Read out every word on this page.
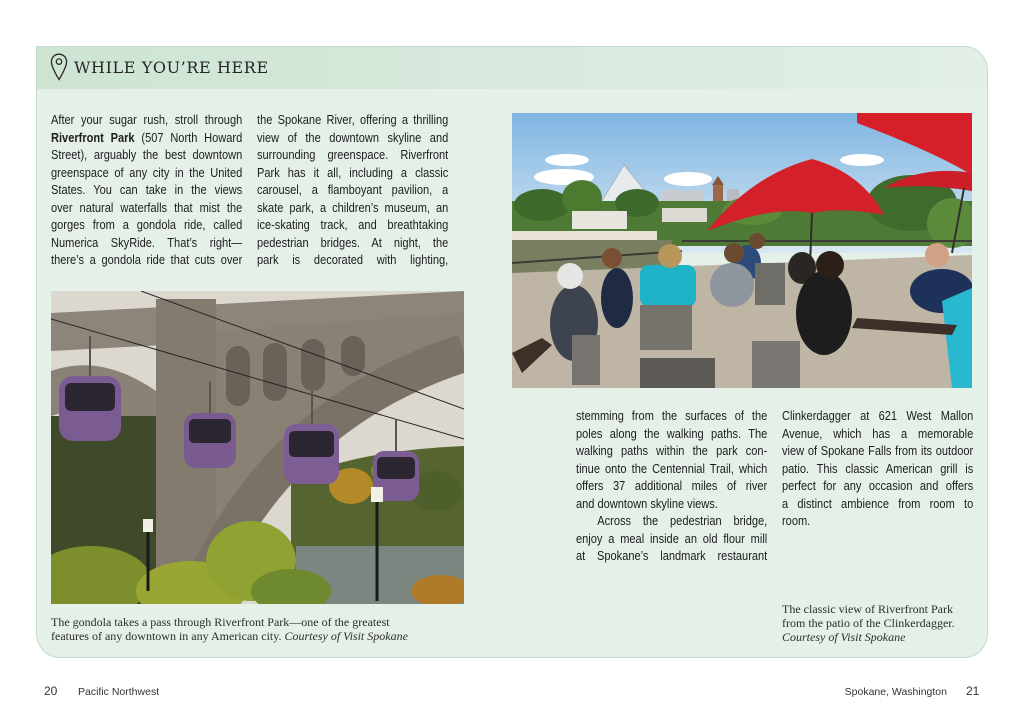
WHILE YOU’RE HERE
After your sugar rush, stroll through
Riverfront Park (507 North Howard
Street), arguably the best downtown
greenspace of any city in the United
States. You can take in the views
over natural waterfalls that mist the
gorges from a gondola ride, called
Numerica SkyRide. That’s right—
there’s a gondola ride that cuts over
the Spokane River, offering a thrilling
view of the downtown skyline and
surrounding greenspace. Riverfront
Park has it all, including a classic
carousel, a flamboyant pavilion, a
skate park, a children’s museum, an
ice-skating track, and breathtaking
pedestrian bridges. At night, the
park is decorated with lighting,
stemming from the surfaces of the
poles along the walking paths. The
walking paths within the park con-
tinue onto the Centennial Trail, which
offers 37 additional miles of river
and downtown skyline views.
Across the pedestrian bridge,
enjoy a meal inside an old flour mill
at Spokane’s landmark restaurant
Clinkerdagger at 621 West Mallon
Avenue, which has a memorable
view of Spokane Falls from its outdoor
patio. This classic American grill is
perfect for any occasion and offers
a distinct ambience from room to
room.
The gondola takes a pass through Riverfront Park—one of the greatest
features of any downtown in any American city. Courtesy of Visit Spokane
The classic view of Riverfront Park
from the patio of the Clinkerdagger.
Courtesy of Visit Spokane
20 Pacific Northwest	Spokane, Washington 21
